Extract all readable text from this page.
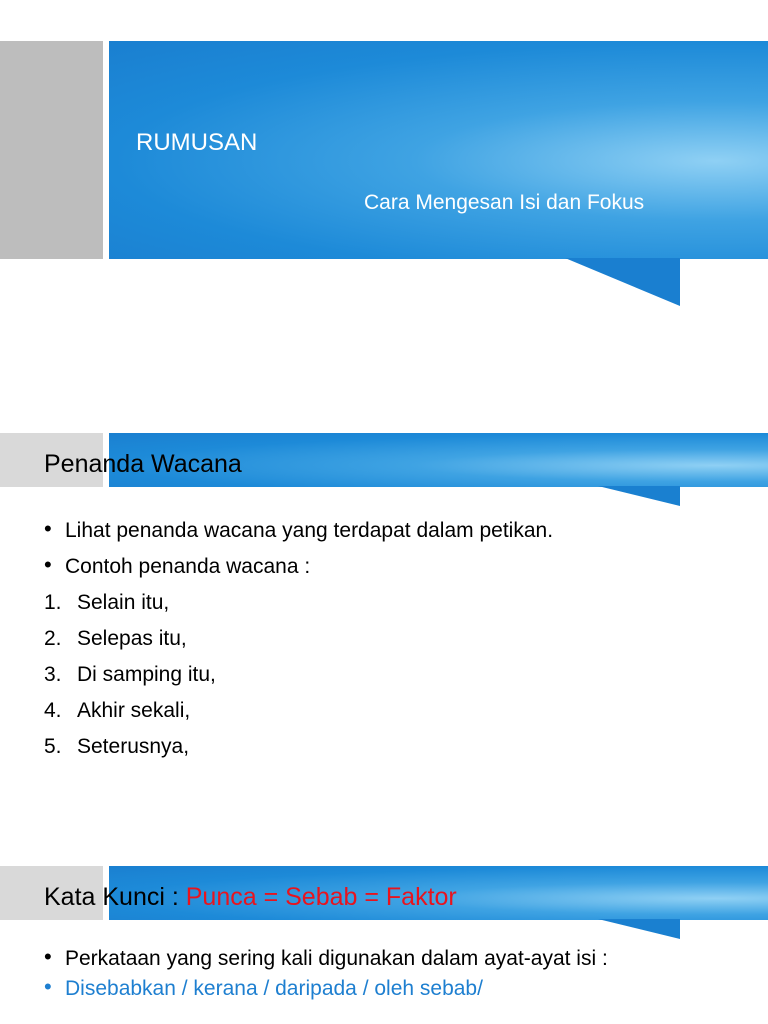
RUMUSAN
Cara Mengesan Isi dan Fokus
Penanda Wacana
• Lihat penanda wacana yang terdapat dalam petikan.
• Contoh penanda wacana :
1. Selain itu,
2. Selepas itu,
3. Di samping itu,
4. Akhir sekali,
5. Seterusnya,
Kata Kunci : Punca = Sebab = Faktor
• Perkataan yang sering kali digunakan dalam ayat-ayat isi :
• Disebabkan / kerana / daripada / oleh sebab/
